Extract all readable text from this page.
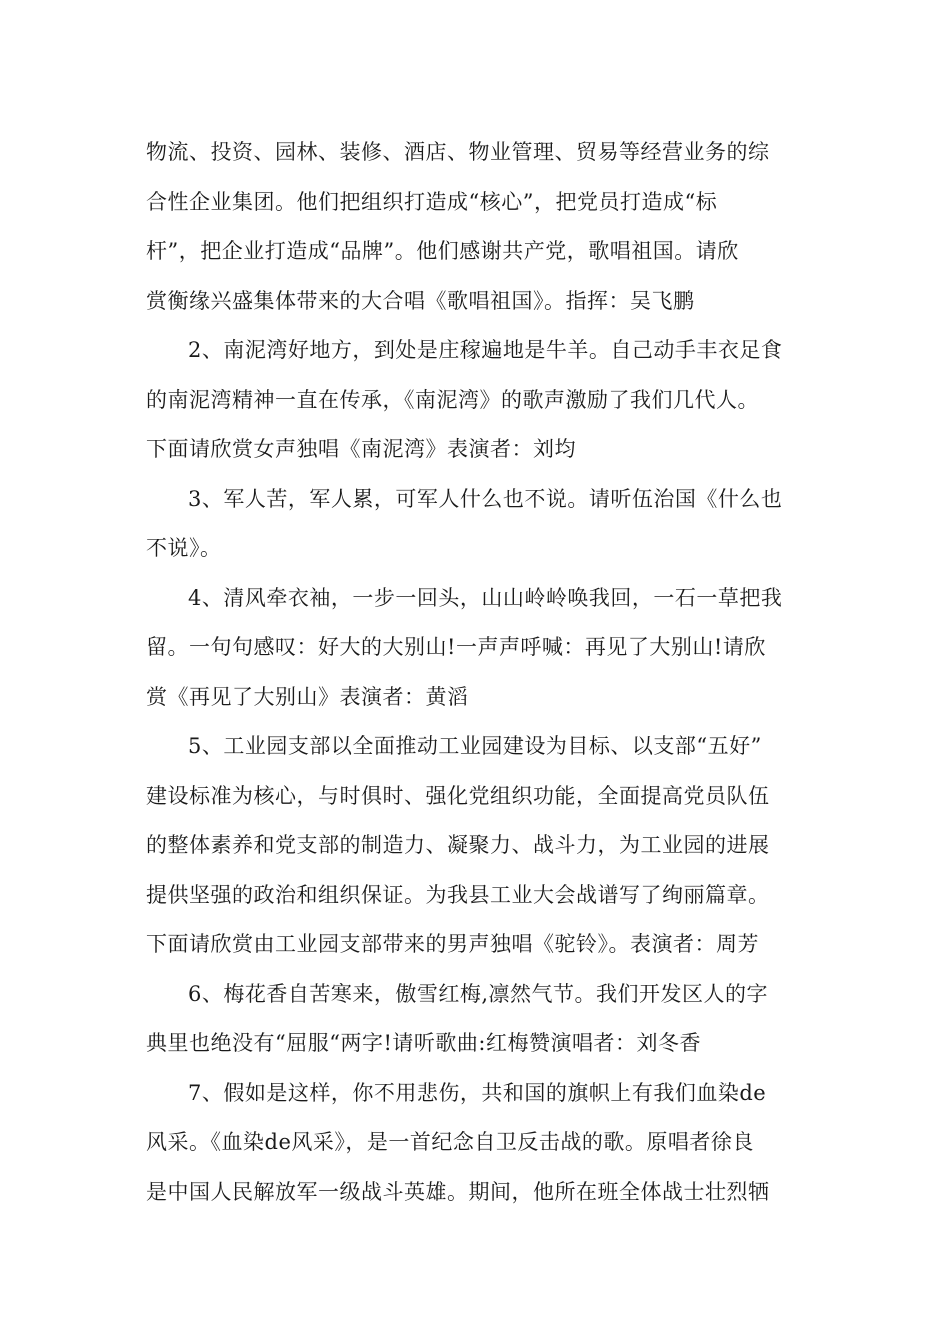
物流、投资、园林、装修、酒店、物业管理、贸易等经营业务的综
合性企业集团。他们把组织打造成“核心”，把党员打造成“标
杆”，把企业打造成“品牌”。他们感谢共产党，歌唱祖国。请欣
赏衡缘兴盛集体带来的大合唱《歌唱祖国》。指挥：吴飞鹏

2、南泥湾好地方，到处是庄稼遍地是牛羊。自己动手丰衣足食
的南泥湾精神一直在传承，《南泥湾》的歌声激励了我们几代人。
下面请欣赏女声独唱《南泥湾》表演者：刘均

3、军人苦，军人累，可军人什么也不说。请听伍治国《什么也
不说》。

4、清风牵衣袖，一步一回头，山山岭岭唤我回，一石一草把我
留。一句句感叹：好大的大别山!一声声呼喊：再见了大别山!请欣
赏《再见了大别山》表演者：黄滔

5、工业园支部以全面推动工业园建设为目标、以支部“五好”
建设标准为核心，与时俱时、强化党组织功能，全面提高党员队伍
的整体素养和党支部的制造力、凝聚力、战斗力，为工业园的进展
提供坚强的政治和组织保证。为我县工业大会战谱写了绚丽篇章。
下面请欣赏由工业园支部带来的男声独唱《驼铃》。表演者：周芳

6、梅花香自苦寒来，傲雪红梅,凛然气节。我们开发区人的字
典里也绝没有“屈服“两字!请听歌曲:红梅赞演唱者：刘冬香

7、假如是这样，你不用悲伤，共和国的旗帜上有我们血染de
风采。《血染de风采》，是一首纪念自卫反击战的歌。原唱者徐良
是中国人民解放军一级战斗英雄。期间，他所在班全体战士壮烈牺
